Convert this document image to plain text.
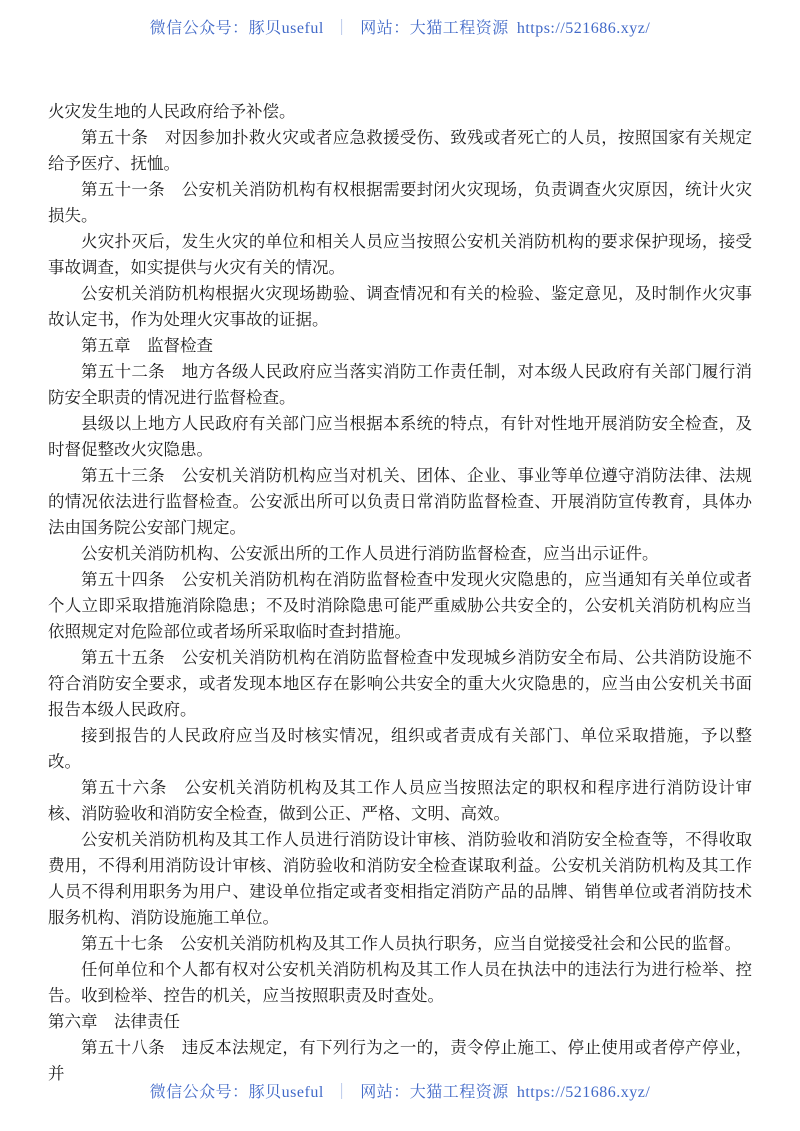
微信公众号：豚贝useful ｜ 网站：大猫工程资源 https://521686.xyz/

火灾发生地的人民政府给予补偿。

第五十条　对因参加扑救火灾或者应急救援受伤、致残或者死亡的人员，按照国家有关规定给予医疗、抚恤。

第五十一条　公安机关消防机构有权根据需要封闭火灾现场，负责调查火灾原因，统计火灾损失。

火灾扑灭后，发生火灾的单位和相关人员应当按照公安机关消防机构的要求保护现场，接受事故调查，如实提供与火灾有关的情况。

公安机关消防机构根据火灾现场勘验、调查情况和有关的检验、鉴定意见，及时制作火灾事故认定书，作为处理火灾事故的证据。

第五章　监督检查

第五十二条　地方各级人民政府应当落实消防工作责任制，对本级人民政府有关部门履行消防安全职责的情况进行监督检查。

县级以上地方人民政府有关部门应当根据本系统的特点，有针对性地开展消防安全检查，及时督促整改火灾隐患。

第五十三条　公安机关消防机构应当对机关、团体、企业、事业等单位遵守消防法律、法规的情况依法进行监督检查。公安派出所可以负责日常消防监督检查、开展消防宣传教育，具体办法由国务院公安部门规定。

公安机关消防机构、公安派出所的工作人员进行消防监督检查，应当出示证件。

第五十四条　公安机关消防机构在消防监督检查中发现火灾隐患的，应当通知有关单位或者个人立即采取措施消除隐患；不及时消除隐患可能严重威胁公共安全的，公安机关消防机构应当依照规定对危险部位或者场所采取临时查封措施。

第五十五条　公安机关消防机构在消防监督检查中发现城乡消防安全布局、公共消防设施不符合消防安全要求，或者发现本地区存在影响公共安全的重大火灾隐患的，应当由公安机关书面报告本级人民政府。

接到报告的人民政府应当及时核实情况，组织或者责成有关部门、单位采取措施，予以整改。

第五十六条　公安机关消防机构及其工作人员应当按照法定的职权和程序进行消防设计审核、消防验收和消防安全检查，做到公正、严格、文明、高效。

公安机关消防机构及其工作人员进行消防设计审核、消防验收和消防安全检查等，不得收取费用，不得利用消防设计审核、消防验收和消防安全检查谋取利益。公安机关消防机构及其工作人员不得利用职务为用户、建设单位指定或者变相指定消防产品的品牌、销售单位或者消防技术服务机构、消防设施施工单位。

第五十七条　公安机关消防机构及其工作人员执行职务，应当自觉接受社会和公民的监督。

任何单位和个人都有权对公安机关消防机构及其工作人员在执法中的违法行为进行检举、控告。收到检举、控告的机关，应当按照职责及时查处。

第六章　法律责任

第五十八条　违反本法规定，有下列行为之一的，责令停止施工、停止使用或者停产停业，并

微信公众号：豚贝useful ｜ 网站：大猫工程资源 https://521686.xyz/
